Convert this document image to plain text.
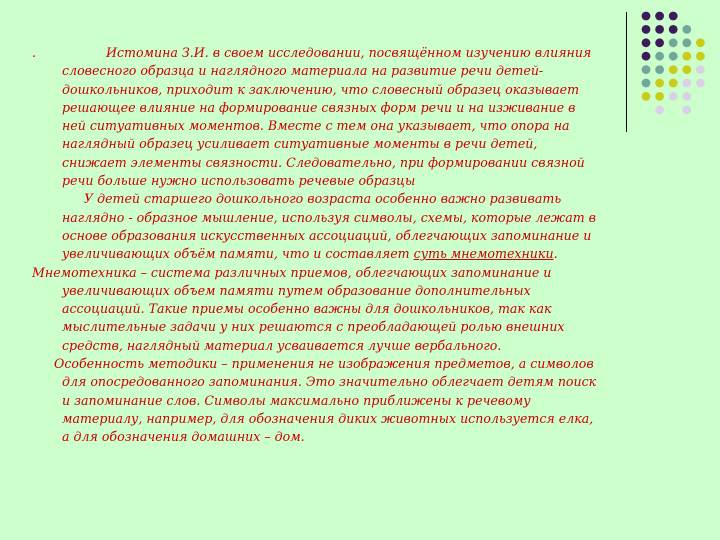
.	Истомина З.И. в своем исследовании, посвящённом изучению влияния словесного образца и наглядного материала на развитие речи детей-дошкольников, приходит к заключению, что словесный образец оказывает решающее влияние на формирование связных форм речи и на изживание в ней ситуативных моментов. Вместе с тем она указывает, что опора на наглядный образец усиливает ситуативные моменты в речи детей, снижает элементы связности. Следовательно, при формировании связной речи больше нужно использовать речевые образцы

У детей старшего дошкольного возраста особенно важно развивать наглядно - образное мышление, используя символы, схемы, которые лежат в основе образования искусственных ассоциаций, облегчающих запоминание и увеличивающих объём памяти, что и составляет суть мнемотехники.

Мнемотехника – система различных приемов, облегчающих запоминание и увеличивающих объем памяти путем образование дополнительных ассоциаций. Такие приемы особенно важны для дошкольников, так как мыслительные задачи у них решаются с преобладающей ролью внешних средств, наглядный материал усваивается лучше вербального.

Особенность методики – применения не изображения предметов, а символов для опосредованного запоминания. Это значительно облегчает детям поиск и запоминание слов. Символы максимально приближены к речевому материалу, например, для обозначения диких животных используется елка, а для обозначения домашних – дом.
